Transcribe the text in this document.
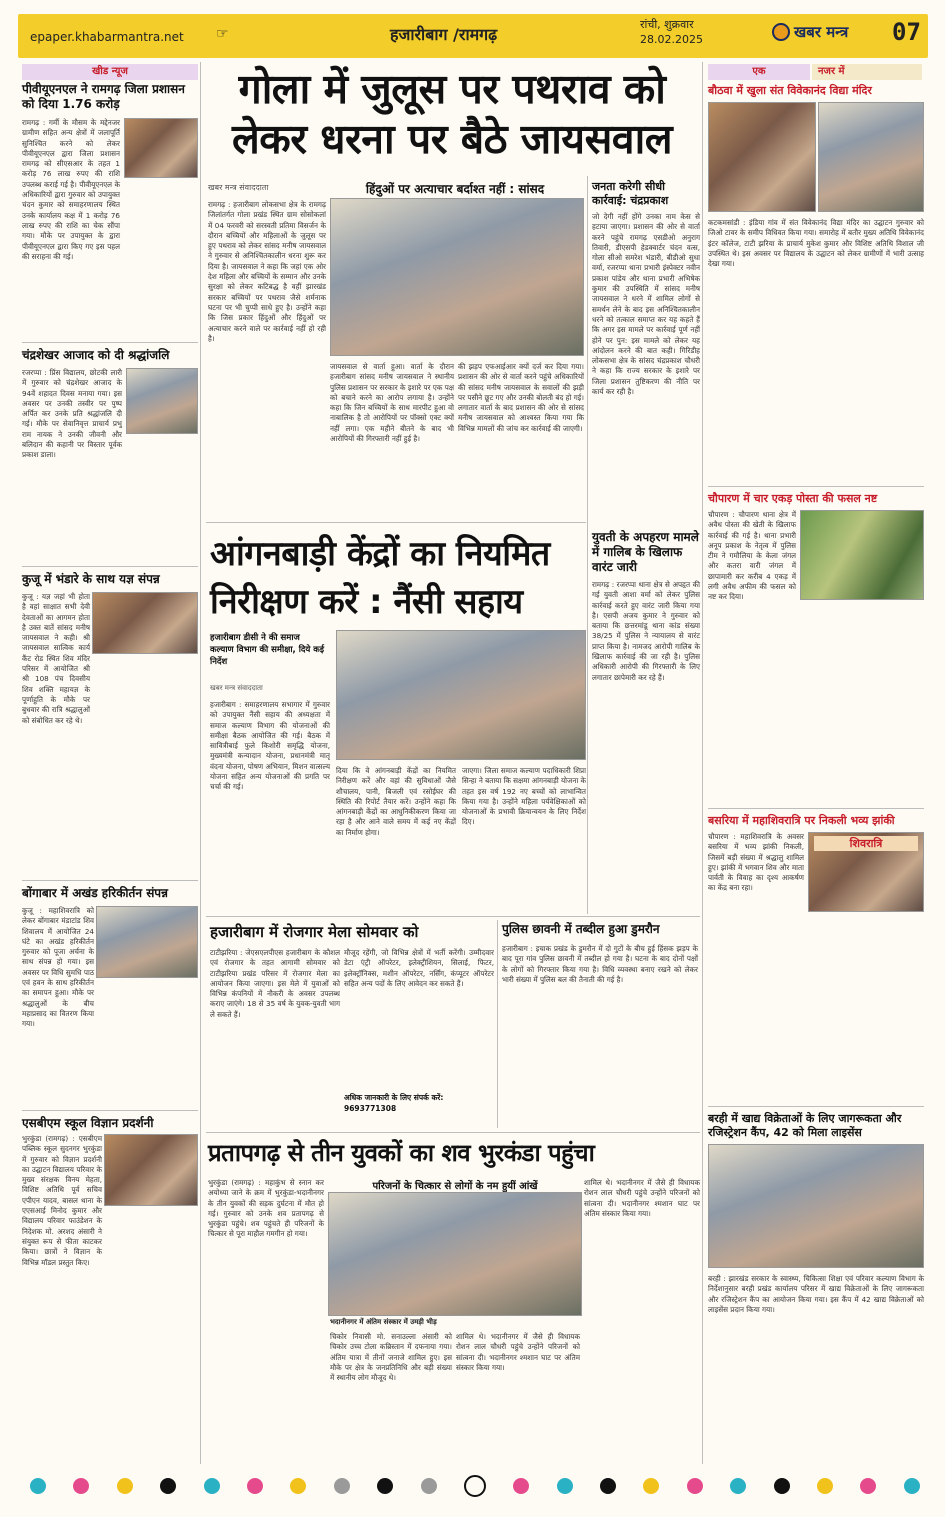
epaper.khabarmantra.net ☞	हजारीबाग /रामगढ़
रांची, शुक्रवार
28.02.2025	खबर मन्त्र 07
खीड न्यूज
पीवीयूएनएल ने रामगढ़ जिला प्रशासन को दिया 1.76 करोड़
रामगढ़ : गर्मी के मौसम के मद्देनजर ग्रामीण सहित अन्य क्षेत्रों में जलापूर्ति सुनिश्चित करने को लेकर पीवीयूएनएल द्वारा जिला प्रशासन रामगढ़ को सीएसआर के तहत 1 करोड़ 76 लाख रुपए की राशि उपलब्ध कराई गई है। पीवीयूएनएल के अधिकारियों द्वारा गुरुवार को उपायुक्त चंदन कुमार को समाहरणालय स्थित उनके कार्यालय कक्ष में 1 करोड़ 76 लाख रुपए की राशि का चेक सौंपा गया। मौके पर उपायुक्त के द्वारा पीवीयूएनएल द्वारा किए गए इस पहल की सराहना की गई।
चंद्रशेखर आजाद को दी श्रद्धांजलि
रजरप्पा : प्रिंस विद्यालय, छोटकी लारी में गुरुवार को चंद्रशेखर आजाद के 94वें शहादत दिवस मनाया गया। इस अवसर पर उनकी तस्वीर पर पुष्प अर्पित कर उनके प्रति श्रद्धांजलि दी गई। मौके पर सेवानिवृत्त प्राचार्य प्रभु राम नायक ने उनकी जीवनी और बलिदान की कहानी पर विस्तार पूर्वक प्रकाश डाला।
कुजू में भंडारे के साथ यज्ञ संपन्न
कुजू : यज्ञ जहां भी होता है वहां साक्षात सभी देवी देवताओं का आगमन होता है उक्त बातें सांसद मनीष जायसवाल ने कही। श्री जायसवाल सात्विक कार्य कैंट रोड स्थित शिव मंदिर परिसर में आयोजित श्री श्री 108 पंच दिवसीय शिव शक्ति महायज्ञ के पूर्णाहुति के मौके पर बुधवार की रात्रि श्रद्धालुओं को संबोधित कर रहे थे।
बोंगाबार में अखंड हरिकीर्तन संपन्न
कुजू : महाशिवरात्रि को लेकर बोंगाबार मंडाटांड शिव शिवालय में आयोजित 24 घंटे का अखंड हरिकीर्तन गुरुवार को पूजा अर्चना के साथ संपन्न हो गया। इस अवसर पर विधि सुमधि पाठ एवं हवन के साथ हरिकीर्तन का समापन हुआ। मौके पर श्रद्धालुओं के बीच महाप्रसाद का वितरण किया गया।
एसबीएम स्कूल विज्ञान प्रदर्शनी
भुरकुंडा (रामगढ़) : एसबीएम पब्लिक स्कूल सुदनगर भुरकुंडा में गुरुवार को विज्ञान प्रदर्शनी का उद्घाटन विद्यालय परिवार के मुख्य संरक्षक विनय मेहता, विशिष्ट अतिथि पूर्व सचिव एपीएन यादव, बासल थाना के एएसआई मिनोद कुमार और विद्यालय परिवार फाउंडेशन के निदेशक मो. अरशद अंसारी ने संयुक्त रूप से फीता काटकर किया। छात्रों ने विज्ञान के विभिन्न मॉडल प्रस्तुत किए।
गोला में जुलूस पर पथराव को लेकर धरना पर बैठे जायसवाल
खबर मन्त्र संवाददाता	हिंदुओं पर अत्याचार बर्दाश्त नहीं : सांसद
रामगढ़ : हजारीबाग लोकसभा क्षेत्र के रामगढ़ जिलांतर्गत गोला प्रखंड स्थित ग्राम सोसोकलां में 04 फरवरी को सरस्वती प्रतिमा विसर्जन के दौरान बच्चियों और महिलाओं के जुलूस पर हुए पथराव को लेकर सांसद मनीष जायसवाल ने गुरुवार से अनिश्चितकालीन धरना शुरू कर दिया है। जायसवाल ने कहा कि जहां एक ओर देश महिला और बच्चियों के सम्मान और उनके सुरक्षा को लेकर कटिबद्ध है वहीं झारखंड सरकार बच्चियों पर पथराव जैसे शर्मनाक घटना पर भी चुप्पी साधे हुए है। उन्होंने कहा कि जिस प्रकार हिंदुओं और हिंदुओं पर अत्याचार करने वाले पर कार्रवाई नहीं हो रही है।
जायसवाल से वार्ता हुआ। वार्ता के दौरान हजारीबाग सांसद मनीष जायसवाल ने स्थानीय पुलिस प्रशासन पर सरकार के इशारे पर एक पक्ष को बचाने करने का आरोप लगाया है। उन्होंने कहा कि जिन बच्चियों के साथ मारपीट हुआ वो नाबालिक है तो आरोपियों पर पॉक्सो एक्ट क्यों नहीं लगा। एक महीने बीतने के बाद भी आरोपियों की गिरफ्तारी नहीं हुई है।
की झड़प एफआईआर क्यों दर्ज कर दिया गया। प्रशासन की ओर से वार्ता करने पहुंचे अधिकारियों की सांसद मनीष जायसवाल के सवालों की झड़ी पर पसीने छूट गए और उनकी बोलती बंद हो गई। लगातार वार्ता के बाद प्रशासन की ओर से सांसद मनीष जायसवाल को आश्वस्त किया गया कि विभिन्न मामलों की जांच कर कार्रवाई की जाएगी।
जनता करेगी सीधी कार्रवाई: चंद्रप्रकाश
जो देगी नहीं होंगे उनका नाम केस से हटाया जाएगा। प्रशासन की ओर से वार्ता करने पहुंचे रामगढ़ एसडीओ अनुराग तिवारी, डीएसपी हेडक्वार्टर चंदन वत्स, गोला सीओ समरेश भंडारी, बीडीओ सुधा वर्मा, रजरप्पा थाना प्रभारी इंस्पेक्टर नवीन प्रकाश पांडेय और थाना प्रभारी अभिषेक कुमार की उपस्थिति में सांसद मनीष जायसवाल ने धरने में शामिल लोगों से समर्थन लेने के बाद इस अनिश्चितकालीन धरने को तत्काल समाप्त कर यह कहते हैं कि अगर इस मामले पर कार्रवाई पूर्ण नहीं होने पर पुन: इस मामले को लेकर यह आंदोलन करने की बात कही। गिरिडीह लोकसभा क्षेत्र के सांसद चंद्रप्रकाश चौधरी ने कहा कि राज्य सरकार के इशारे पर जिला प्रशासन तुष्टिकरण की नीति पर कार्य कर रही है।
आंगनबाड़ी केंद्रों का नियमित निरीक्षण करें : नैंसी सहाय
हजारीबाग डीसी ने की समाज कल्याण विभाग की समीक्षा, दिये कई निर्देश
खबर मन्त्र संवाददाता
हजारीबाग : समाहरणालय सभागार में गुरुवार को उपायुक्त नैंसी सहाय की अध्यक्षता में समाज कल्याण विभाग की योजनाओं की समीक्षा बैठक आयोजित की गई। बैठक में सावित्रीबाई फुले किशोरी समृद्धि योजना, मुख्यमंत्री कन्यादान योजना, प्रधानमंत्री मातृ वंदना योजना, पोषण अभियान, मिशन वात्सल्य योजना सहित अन्य योजनाओं की प्रगति पर चर्चा की गई।
दिया कि वे आंगनबाड़ी केंद्रों का नियमित निरीक्षण करें और वहां की सुविधाओं जैसे शौचालय, पानी, बिजली एवं रसोईघर की स्थिति की रिपोर्ट तैयार करें। उन्होंने कहा कि आंगनबाड़ी केंद्रों का आधुनिकीकरण किया जा रहा है और आने वाले समय में कई नए केंद्रों का निर्माण होगा।
जाएगा। जिला समाज कल्याण पदाधिकारी शिप्रा सिन्हा ने बताया कि सक्षमा आंगनबाड़ी योजना के तहत इस वर्ष 192 नए बच्चों को लाभान्वित किया गया है। उन्होंने महिला पर्यवेक्षिकाओं को योजनाओं के प्रभावी क्रियान्वयन के लिए निर्देश दिए।
युवती के अपहरण मामले में गालिब के खिलाफ वारंट जारी
रामगढ़ : रजरप्पा थाना क्षेत्र से अपहृत की गई युवती आशा वर्मा को लेकर पुलिस कार्रवाई करते हुए वारंट जारी किया गया है। एसपी अजय कुमार ने गुरुवार को बताया कि छत्तरमांडू थाना कांड संख्या 38/25 में पुलिस ने न्यायालय से वारंट प्राप्त किया है। नामजद आरोपी गालिब के खिलाफ कार्रवाई की जा रही है। पुलिस अधिकारी आरोपी की गिरफ्तारी के लिए लगातार छापेमारी कर रहे हैं।
हजारीबाग में रोजगार मेला सोमवार को
टाटीझरिया : जेएसएलपीएस हजारीबाग के कौशल एवं रोजगार के तहत आगामी सोमवार को टाटीझरिया प्रखंड परिसर में रोजगार मेला का आयोजन किया जाएगा। इस मेले में युवाओं को विभिन्न कंपनियों में नौकरी के अवसर उपलब्ध कराए जाएंगे। 18 से 35 वर्ष के युवक-युवती भाग ले सकते हैं।
मौजूद रहेंगी, जो विभिन्न क्षेत्रों में भर्ती करेंगी। उम्मीदवार डेटा एंट्री ऑपरेटर, इलेक्ट्रीशियन, सिलाई, फिटर, इलेक्ट्रॉनिक्स, मशीन ऑपरेटर, नर्सिंग, कंप्यूटर ऑपरेटर सहित अन्य पदों के लिए आवेदन कर सकते हैं।
अधिक जानकारी के लिए संपर्क करें: 9693771308
पुलिस छावनी में तब्दील हुआ डुमरौन
हजारीबाग : इचाक प्रखंड के डुमरौन में दो गुटों के बीच हुई हिंसक झड़प के बाद पूरा गांव पुलिस छावनी में तब्दील हो गया है। घटना के बाद दोनों पक्षों के लोगों को गिरफ्तार किया गया है। विधि व्यवस्था बनाए रखने को लेकर भारी संख्या में पुलिस बल की तैनाती की गई है।
प्रतापगढ़ से तीन युवकों का शव भुरकंडा पहुंचा
परिजनों के चित्कार से लोगों के नम हुयीं आंखें
भदानीनगर में अंतिम संस्कार में उमड़ी भीड़
भुरकुंडा (रामगढ़) : महाकुंभ से स्नान कर अयोध्या जाने के क्रम में भुरकुंडा-भदानीनगर के तीन युवकों की सड़क दुर्घटना में मौत हो गई। गुरुवार को उनके शव प्रतापगढ़ से भुरकुंडा पहुंचे। शव पहुंचते ही परिजनों के चित्कार से पूरा माहौल गमगीन हो गया।
चिकोर निवासी मो. सनाउल्ला अंसारी को चिकोर उच्च टोला कब्रिस्तान में दफनाया गया। अंतिम यात्रा में तीनों जनाजे शामिल हुए। इस मौके पर क्षेत्र के जनप्रतिनिधि और बड़ी संख्या में स्थानीय लोग मौजूद थे।
शामिल थे। भदानीनगर में जैसे ही विधायक रोशन लाल चौधरी पहुंचे उन्होंने परिजनों को सांत्वना दी। भदानीनगर श्मशान घाट पर अंतिम संस्कार किया गया।
शामिल थे। भदानीनगर में जैसे ही विधायक रोशन लाल चौधरी पहुंचे उन्होंने परिजनों को सांत्वना दी। भदानीनगर श्मशान घाट पर अंतिम संस्कार किया गया।
एक	नजर में
बौठवा में खुला संत विवेकानंद विद्या मंदिर
कटकमसांडी : इंडिया गांव में संत विवेकानंद विद्या मंदिर का उद्घाटन गुरुवार को जिओ टावर के समीप विधिवत किया गया। समारोह में बतौर मुख्य अतिथि विवेकानंद इंटर कॉलेज, टाटी झरिया के प्राचार्य मुकेश कुमार और विशिष्ट अतिथि विशाल जी उपस्थित थे। इस अवसर पर विद्यालय के उद्घाटन को लेकर ग्रामीणों में भारी उत्साह देखा गया।
चौपारण में चार एकड़ पोस्ता की फसल नष्ट
चौपारण : चौपारण थाना क्षेत्र में अवैध पोस्ता की खेती के खिलाफ कार्रवाई की गई है। थाना प्रभारी अनूप प्रकाश के नेतृत्व में पुलिस टीम ने गमौलिया के केला जंगल और कतरा वारी जंगल में छापामारी कर करीब 4 एकड़ में लगी अवैध अफीम की फसल को नष्ट कर दिया।
बसरिया में महाशिवरात्रि पर निकली भव्य झांकी
शिवरात्रि
चौपारण : महाशिवरात्रि के अवसर बसरिया में भव्य झांकी निकली, जिसमें बड़ी संख्या में श्रद्धालु शामिल हुए। झांकी में भगवान शिव और माता पार्वती के विवाह का दृश्य आकर्षण का केंद्र बना रहा।
बरही में खाद्य विक्रेताओं के लिए जागरूकता और रजिस्ट्रेशन कैंप, 42 को मिला लाइसेंस
बरही : झारखंड सरकार के स्वास्थ्य, चिकित्सा शिक्षा एवं परिवार कल्याण विभाग के निर्देशानुसार बरही प्रखंड कार्यालय परिसर में खाद्य विक्रेताओं के लिए जागरूकता और रजिस्ट्रेशन कैंप का आयोजन किया गया। इस कैंप में 42 खाद्य विक्रेताओं को लाइसेंस प्रदान किया गया।
